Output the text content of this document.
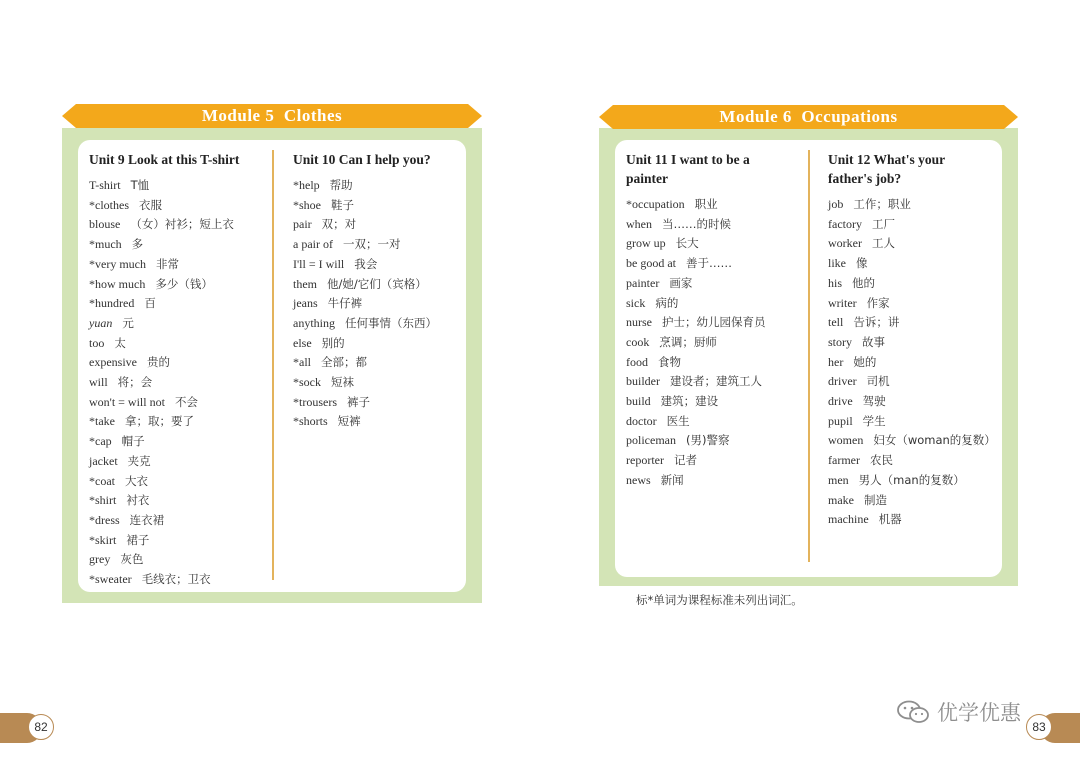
Module 5  Clothes
Unit 9 Look at this T-shirt
T-shirt T恤
*clothes 衣服
blouse （女）衬衫；短上衣
*much 多
*very much 非常
*how much 多少（钱）
*hundred 百
yuan 元
too 太
expensive 贵的
will 将；会
won't = will not 不会
*take 拿；取；要了
*cap 帽子
jacket 夹克
*coat 大衣
*shirt 衬衣
*dress 连衣裙
*skirt 裙子
grey 灰色
*sweater 毛线衣；卫衣
Unit 10 Can I help you?
*help 帮助
*shoe 鞋子
pair 双；对
a pair of 一双；一对
I'll = I will 我会
them 他/她/它们（宾格）
jeans 牛仔裤
anything 任何事情（东西）
else 别的
*all 全部；都
*sock 短袜
*trousers 裤子
*shorts 短裤
Module 6  Occupations
Unit 11 I want to be a
painter
*occupation 职业
when 当……的时候
grow up 长大
be good at 善于……
painter 画家
sick 病的
nurse 护士；幼儿园保育员
cook 烹调；厨师
food 食物
builder 建设者；建筑工人
build 建筑；建设
doctor 医生
policeman (男)警察
reporter 记者
news 新闻
Unit 12 What's your
father's job?
job 工作；职业
factory 工厂
worker 工人
like 像
his 他的
writer 作家
tell 告诉；讲
story 故事
her 她的
driver 司机
drive 驾驶
pupil 学生
women 妇女（woman的复数）
farmer 农民
men 男人（man的复数）
make 制造
machine 机器
标*单词为课程标准未列出词汇。
82	83
优学优惠
